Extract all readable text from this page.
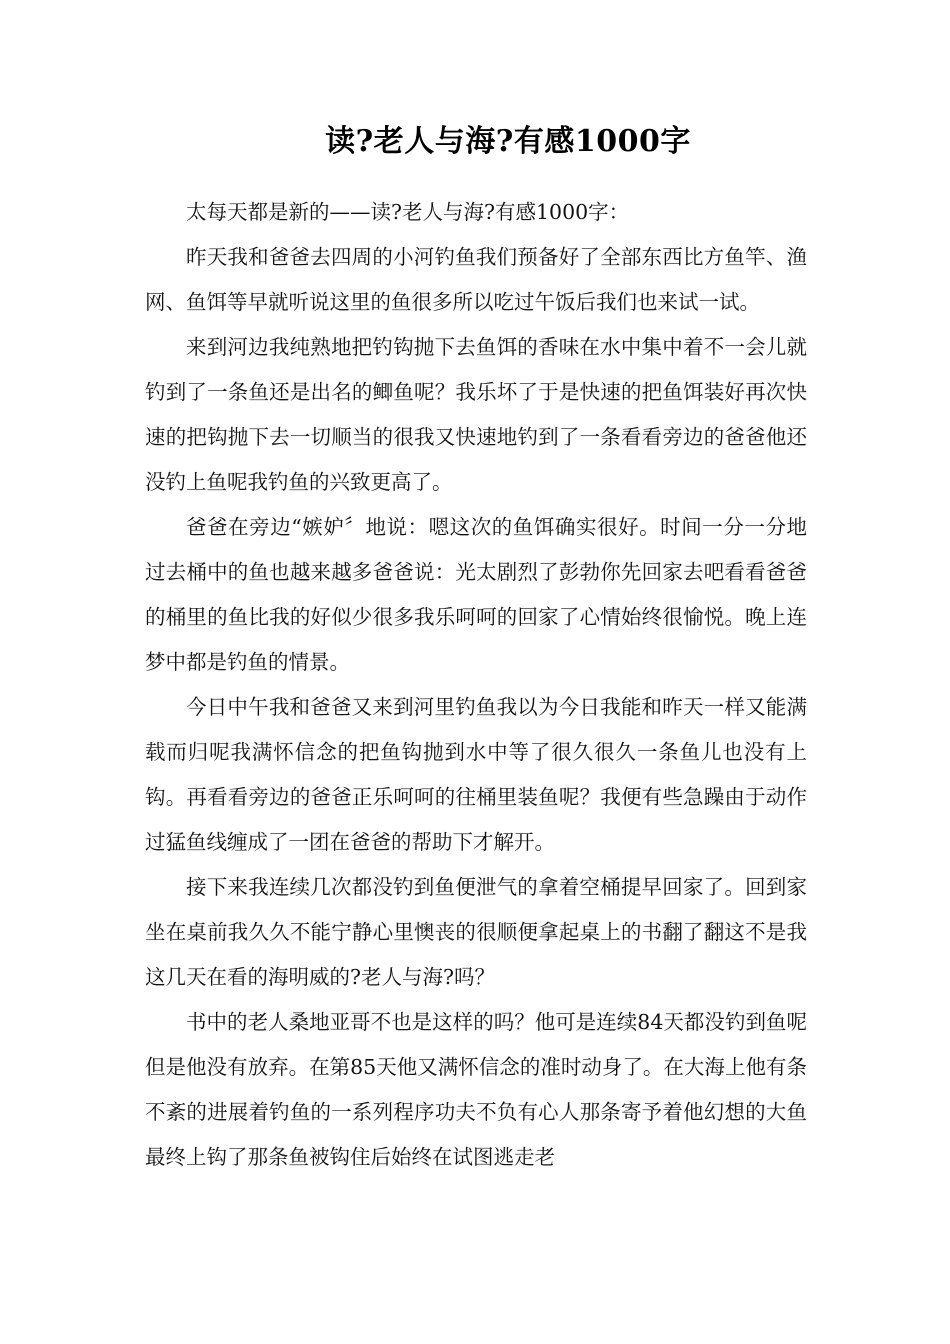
读?老人与海?有感1000字

太每天都是新的——读?老人与海?有感1000字：

昨天我和爸爸去四周的小河钓鱼我们预备好了全部东西比方鱼竿、渔网、鱼饵等早就听说这里的鱼很多所以吃过午饭后我们也来试一试。

来到河边我纯熟地把钓钩抛下去鱼饵的香味在水中集中着不一会儿就钓到了一条鱼还是出名的鲫鱼呢？我乐坏了于是快速的把鱼饵装好再次快速的把钩抛下去一切顺当的很我又快速地钓到了一条看看旁边的爸爸他还没钓上鱼呢我钓鱼的兴致更高了。

爸爸在旁边“嫉妒〞地说：嗯这次的鱼饵确实很好。时间一分一分地过去桶中的鱼也越来越多爸爸说：光太剧烈了彭勃你先回家去吧看看爸爸的桶里的鱼比我的好似少很多我乐呵呵的回家了心情始终很愉悦。晚上连梦中都是钓鱼的情景。

今日中午我和爸爸又来到河里钓鱼我以为今日我能和昨天一样又能满载而归呢我满怀信念的把鱼钩抛到水中等了很久很久一条鱼儿也没有上钩。再看看旁边的爸爸正乐呵呵的往桶里装鱼呢？我便有些急躁由于动作过猛鱼线缠成了一团在爸爸的帮助下才解开。

接下来我连续几次都没钓到鱼便泄气的拿着空桶提早回家了。回到家坐在桌前我久久不能宁静心里懊丧的很顺便拿起桌上的书翻了翻这不是我这几天在看的海明威的?老人与海?吗？

书中的老人桑地亚哥不也是这样的吗？他可是连续84天都没钓到鱼呢但是他没有放弃。在第85天他又满怀信念的准时动身了。在大海上他有条不紊的进展着钓鱼的一系列程序功夫不负有心人那条寄予着他幻想的大鱼最终上钩了那条鱼被钩住后始终在试图逃走老
